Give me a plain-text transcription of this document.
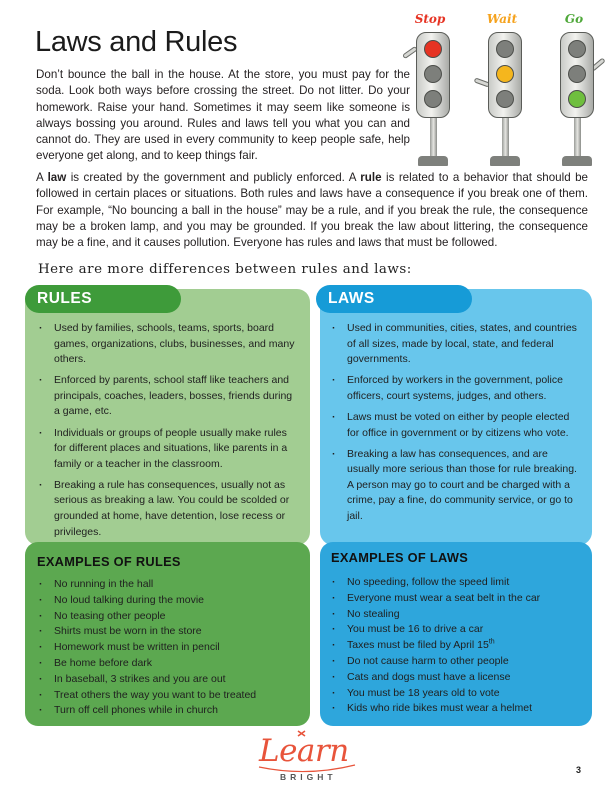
Laws and Rules

Don’t bounce the ball in the house. At the store, you must pay for the soda. Look both ways before crossing the street. Do not litter. Do your homework. Raise your hand. Sometimes it may seem like someone is always bossing you around. Rules and laws tell you what you can and cannot do. They are used in every community to keep people safe, help everyone get along, and to keep things fair.

Stop	Wait	Go

A law is created by the government and publicly enforced. A rule is related to a behavior that should be followed in certain places or situations. Both rules and laws have a consequence if you break one of them. For example, “No bouncing a ball in the house” may be a rule, and if you break the rule, the consequence may be a broken lamp, and you may be grounded. If you break the law about littering, the consequence may be a fine, and it causes pollution. Everyone has rules and laws that must be followed.

Here are more differences between rules and laws:
RULES	LAWS
· Used by families, schools, teams, sports, board games, organizations, clubs, businesses, and many others.
· Enforced by parents, school staff like teachers and principals, coaches, leaders, bosses, friends during a game, etc.
· Individuals or groups of people usually make rules for different places and situations, like parents in a family or a teacher in the classroom.
· Breaking a rule has consequences, usually not as serious as breaking a law. You could be scolded or grounded at home, have detention, lose recess or privileges.
· Used in communities, cities, states, and countries of all sizes, made by local, state, and federal governments.
· Enforced by workers in the government, police officers, court systems, judges, and others.
· Laws must be voted on either by people elected for office in government or by citizens who vote.
· Breaking a law has consequences, and are usually more serious than those for rule breaking. A person may go to court and be charged with a crime, pay a fine, do community service, or go to jail.
EXAMPLES OF RULES	EXAMPLES OF LAWS
· No running in the hall
· No loud talking during the movie
· No teasing other people
· Shirts must be worn in the store
· Homework must be written in pencil
· Be home before dark
· In baseball, 3 strikes and you are out
· Treat others the way you want to be treated
· Turn off cell phones while in church
· No speeding, follow the speed limit
· Everyone must wear a seat belt in the car
· No stealing
· You must be 16 to drive a car
· Taxes must be filed by April 15th
· Do not cause harm to other people
· Cats and dogs must have a license
· You must be 18 years old to vote
· Kids who ride bikes must wear a helmet
Learn
BRIGHT
3
